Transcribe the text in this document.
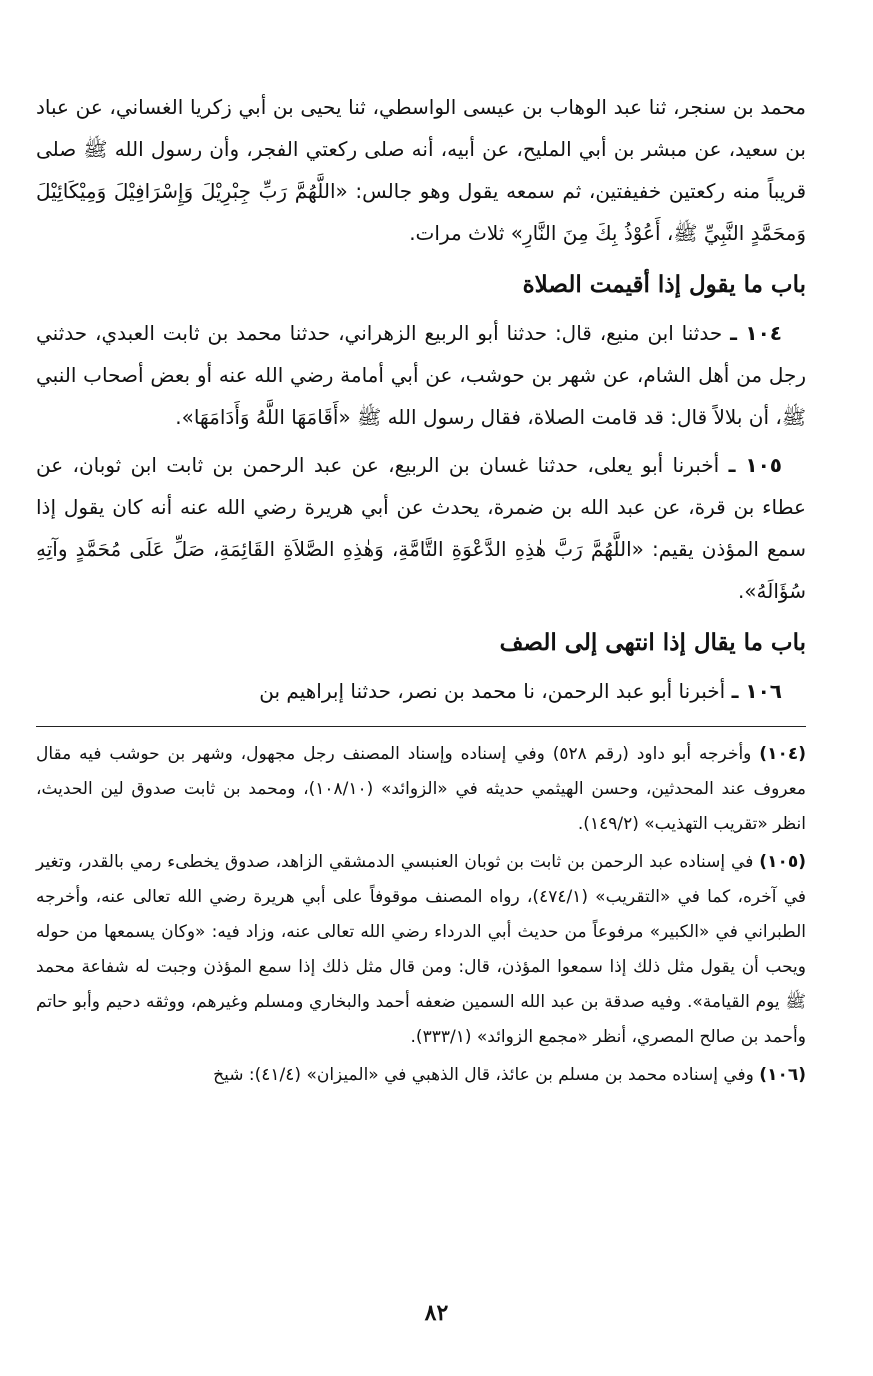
محمد بن سنجر، ثنا عبد الوهاب بن عيسى الواسطي، ثنا يحيى بن أبي زكريا الغساني، عن عباد بن سعيد، عن مبشر بن أبي المليح، عن أبيه، أنه صلى ركعتي الفجر، وأن رسول الله ﷺ صلى قريباً منه ركعتين خفيفتين، ثم سمعه يقول وهو جالس: «اللَّهُمَّ رَبِّ جِبْرِيْلَ وَإِسْرَافِيْلَ وَمِيْكَائِيْلَ وَمحَمَّدٍ النَّبِيِّ ﷺ، أَعُوْذُ بِكَ مِنَ النَّارِ» ثلاث مرات.

باب ما يقول إذا أقيمت الصلاة

١٠٤ ـ حدثنا ابن منيع، قال: حدثنا أبو الربيع الزهراني، حدثنا محمد بن ثابت العبدي، حدثني رجل من أهل الشام، عن شهر بن حوشب، عن أبي أمامة رضي الله عنه أو بعض أصحاب النبي ﷺ، أن بلالاً قال: قد قامت الصلاة، فقال رسول الله ﷺ «أَقَامَهَا اللَّهُ وَأَدَامَهَا».

١٠٥ ـ أخبرنا أبو يعلى، حدثنا غسان بن الربيع، عن عبد الرحمن بن ثابت ابن ثوبان، عن عطاء بن قرة، عن عبد الله بن ضمرة، يحدث عن أبي هريرة رضي الله عنه أنه كان يقول إذا سمع المؤذن يقيم: «اللَّهُمَّ رَبَّ هٰذِهِ الدَّعْوَةِ التَّامَّةِ، وَهٰذِهِ الصَّلاَةِ القَائِمَةِ، صَلِّ عَلَى مُحَمَّدٍ وآتِهِ سُؤَالَهُ».

باب ما يقال إذا انتهى إلى الصف

١٠٦ ـ أخبرنا أبو عبد الرحمن، نا محمد بن نصر، حدثنا إبراهيم بن

(١٠٤) وأخرجه أبو داود (رقم ٥٢٨) وفي إسناده وإسناد المصنف رجل مجهول، وشهر بن حوشب فيه مقال معروف عند المحدثين، وحسن الهيثمي حديثه في «الزوائد» (١٠٨/١٠)، ومحمد بن ثابت صدوق لين الحديث، انظر «تقريب التهذيب» (١٤٩/٢).

(١٠٥) في إسناده عبد الرحمن بن ثابت بن ثوبان العنبسي الدمشقي الزاهد، صدوق يخطىء رمي بالقدر، وتغير في آخره، كما في «التقريب» (٤٧٤/١)، رواه المصنف موقوفاً على أبي هريرة رضي الله تعالى عنه، وأخرجه الطبراني في «الكبير» مرفوعاً من حديث أبي الدرداء رضي الله تعالى عنه، وزاد فيه: «وكان يسمعها من حوله ويحب أن يقول مثل ذلك إذا سمعوا المؤذن، قال: ومن قال مثل ذلك إذا سمع المؤذن وجبت له شفاعة محمد ﷺ يوم القيامة». وفيه صدقة بن عبد الله السمين ضعفه أحمد والبخاري ومسلم وغيرهم، ووثقه دحيم وأبو حاتم وأحمد بن صالح المصري، أنظر «مجمع الزوائد» (٣٣٣/١).

(١٠٦) وفي إسناده محمد بن مسلم بن عائذ، قال الذهبي في «الميزان» (٤١/٤): شيخ

٨٢
